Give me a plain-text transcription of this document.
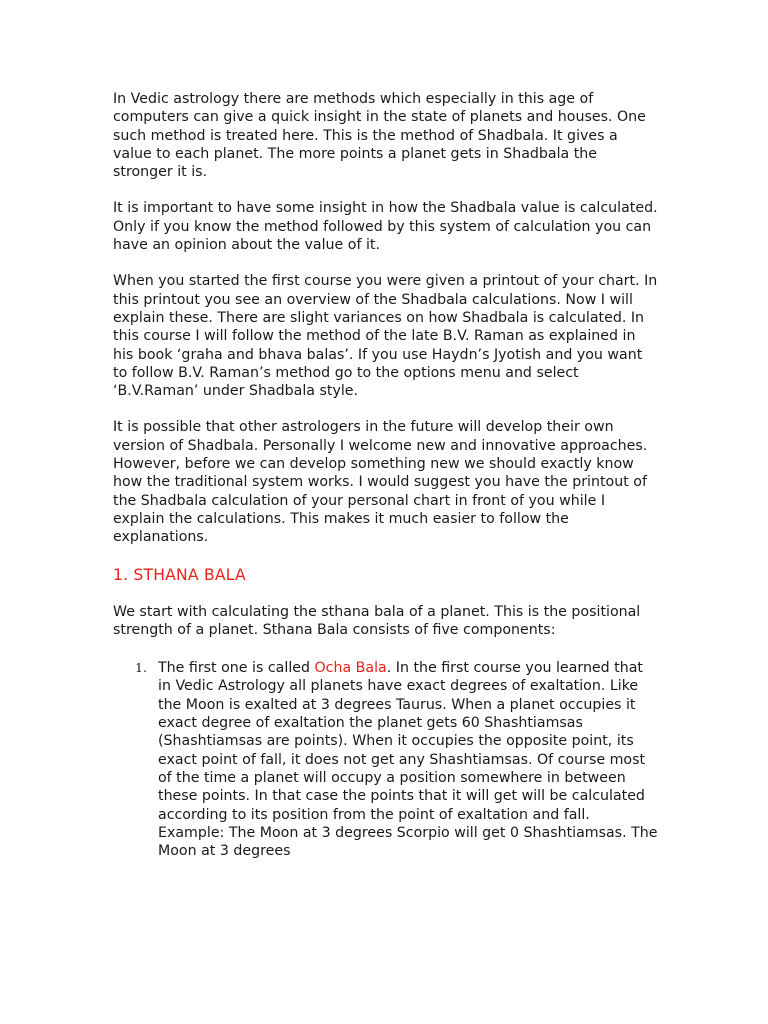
In Vedic astrology there are methods which especially in this age of computers can give a quick insight in the state of planets and houses. One such method is treated here. This is the method of Shadbala. It gives a value to each planet. The more points a planet gets in Shadbala the stronger it is.

It is important to have some insight in how the Shadbala value is calculated. Only if you know the method followed by this system of calculation you can have an opinion about the value of it.

When you started the first course you were given a printout of your chart. In this printout you see an overview of the Shadbala calculations. Now I will explain these. There are slight variances on how Shadbala is calculated. In this course I will follow the method of the late B.V. Raman as explained in his book ‘graha and bhava balas’. If you use Haydn’s Jyotish and you want to follow B.V. Raman’s method go to the options menu and select ‘B.V.Raman’ under Shadbala style.

It is possible that other astrologers in the future will develop their own version of Shadbala. Personally I welcome new and innovative approaches. However, before we can develop something new we should exactly know how the traditional system works. I would suggest you have the printout of the Shadbala calculation of your personal chart in front of you while I explain the calculations. This makes it much easier to follow the explanations.

1. STHANA BALA

We start with calculating the sthana bala of a planet. This is the positional strength of a planet. Sthana Bala consists of five components:

1. The first one is called Ocha Bala. In the first course you learned that in Vedic Astrology all planets have exact degrees of exaltation. Like the Moon is exalted at 3 degrees Taurus. When a planet occupies it exact degree of exaltation the planet gets 60 Shashtiamsas (Shashtiamsas are points). When it occupies the opposite point, its exact point of fall, it does not get any Shashtiamsas. Of course most of the time a planet will occupy a position somewhere in between these points. In that case the points that it will get will be calculated according to its position from the point of exaltation and fall. Example: The Moon at 3 degrees Scorpio will get 0 Shashtiamsas. The Moon at 3 degrees
